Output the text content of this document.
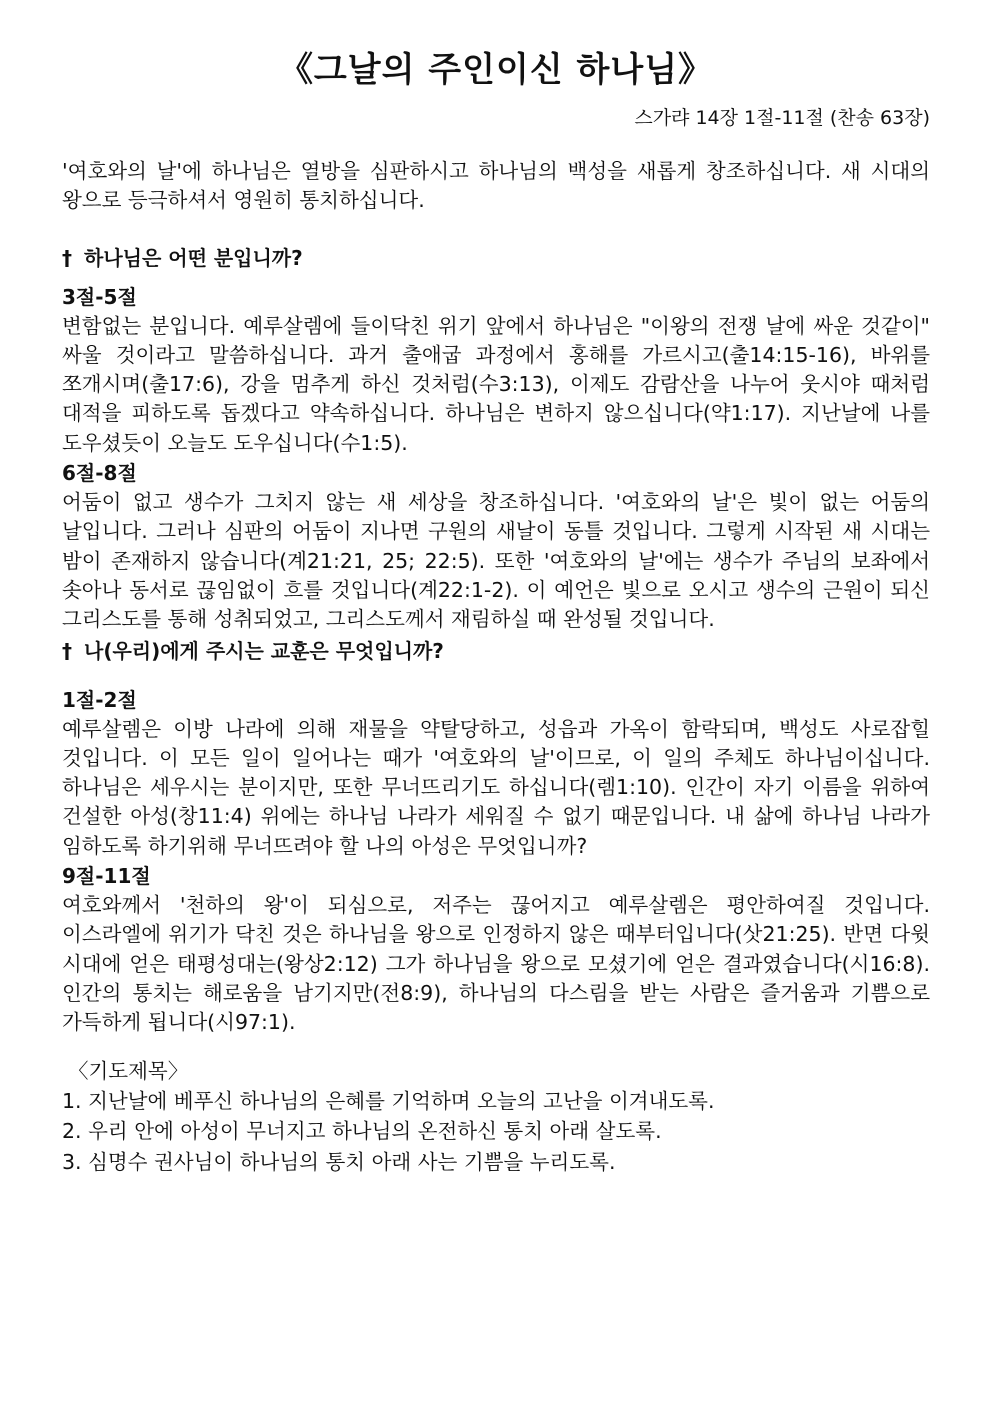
《그날의 주인이신 하나님》
스가랴 14장 1절-11절 (찬송 63장)

'여호와의 날'에 하나님은 열방을 심판하시고 하나님의 백성을 새롭게 창조하십니다. 새 시대의 왕으로 등극하셔서 영원히 통치하십니다.

† 하나님은 어떤 분입니까?

3절-5절

변함없는 분입니다. 예루살렘에 들이닥친 위기 앞에서 하나님은 "이왕의 전쟁 날에 싸운 것같이" 싸울 것이라고 말씀하십니다. 과거 출애굽 과정에서 홍해를 가르시고(출14:15-16), 바위를 쪼개시며(출17:6), 강을 멈추게 하신 것처럼(수3:13), 이제도 감람산을 나누어 웃시야 때처럼 대적을 피하도록 돕겠다고 약속하십니다. 하나님은 변하지 않으십니다(약1:17). 지난날에 나를 도우셨듯이 오늘도 도우십니다(수1:5).

6절-8절

어둠이 없고 생수가 그치지 않는 새 세상을 창조하십니다. '여호와의 날'은 빛이 없는 어둠의 날입니다. 그러나 심판의 어둠이 지나면 구원의 새날이 동틀 것입니다. 그렇게 시작된 새 시대는 밤이 존재하지 않습니다(계21:21, 25; 22:5). 또한 '여호와의 날'에는 생수가 주님의 보좌에서 솟아나 동서로 끊임없이 흐를 것입니다(계22:1-2). 이 예언은 빛으로 오시고 생수의 근원이 되신 그리스도를 통해 성취되었고, 그리스도께서 재림하실 때 완성될 것입니다.

† 나(우리)에게 주시는 교훈은 무엇입니까?

1절-2절

예루살렘은 이방 나라에 의해 재물을 약탈당하고, 성읍과 가옥이 함락되며, 백성도 사로잡힐 것입니다. 이 모든 일이 일어나는 때가 '여호와의 날'이므로, 이 일의 주체도 하나님이십니다. 하나님은 세우시는 분이지만, 또한 무너뜨리기도 하십니다(렘1:10). 인간이 자기 이름을 위하여 건설한 아성(창11:4) 위에는 하나님 나라가 세워질 수 없기 때문입니다. 내 삶에 하나님 나라가 임하도록 하기위해 무너뜨려야 할 나의 아성은 무엇입니까?

9절-11절

여호와께서 '천하의 왕'이 되심으로, 저주는 끊어지고 예루살렘은 평안하여질 것입니다. 이스라엘에 위기가 닥친 것은 하나님을 왕으로 인정하지 않은 때부터입니다(삿21:25). 반면 다윗 시대에 얻은 태평성대는(왕상2:12) 그가 하나님을 왕으로 모셨기에 얻은 결과였습니다(시16:8). 인간의 통치는 해로움을 남기지만(전8:9), 하나님의 다스림을 받는 사람은 즐거움과 기쁨으로 가득하게 됩니다(시97:1).

〈기도제목〉

1. 지난날에 베푸신 하나님의 은혜를 기억하며 오늘의 고난을 이겨내도록.
2. 우리 안에 아성이 무너지고 하나님의 온전하신 통치 아래 살도록.
3. 심명수 권사님이 하나님의 통치 아래 사는 기쁨을 누리도록.
